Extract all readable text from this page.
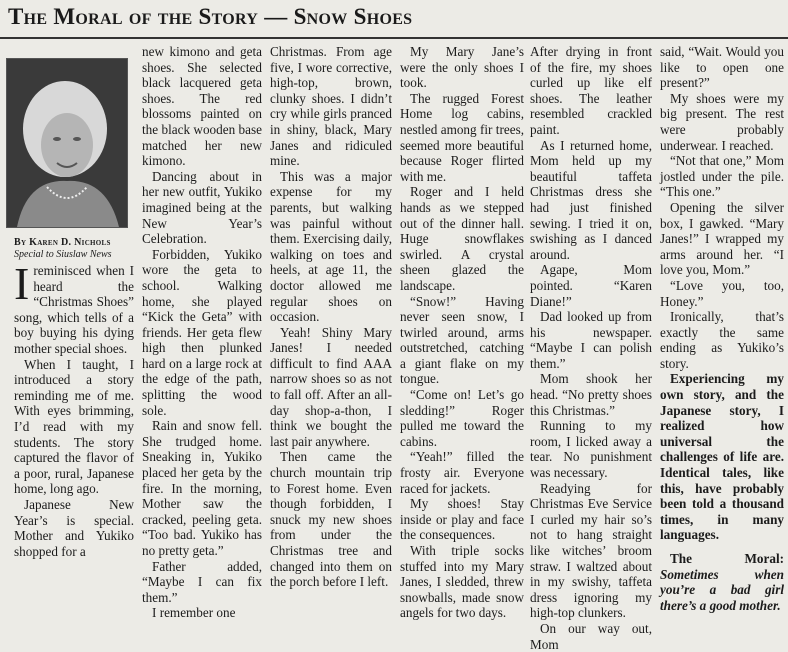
The Moral of the Story — Snow Shoes
By Karen D. Nichols
Special to Siuslaw News

Ireminisced when I heard the “Christmas Shoes” song, which tells of a boy buying his dying mother special shoes.

When I taught, I introduced a story reminding me of me. With eyes brimming, I’d read with my students. The story captured the flavor of a poor, rural, Japanese home, long ago.

Japanese New Year’s is special. Mother and Yukiko shopped for a

new kimono and geta shoes. She selected black lacquered geta shoes. The red blossoms painted on the black wooden base matched her new kimono.

Dancing about in her new outfit, Yukiko imagined being at the New Year’s Celebration.

Forbidden, Yukiko wore the geta to school. Walking home, she played “Kick the Geta” with friends. Her geta flew high then plunked hard on a large rock at the edge of the path, splitting the wood sole.

Rain and snow fell. She trudged home. Sneaking in, Yukiko placed her geta by the fire. In the morning, Mother saw the cracked, peeling geta. “Too bad. Yukiko has no pretty geta.”

Father added, “Maybe I can fix them.”

I remember one

Christmas. From age five, I wore corrective, high-top, brown, clunky shoes. I didn’t cry while girls pranced in shiny, black, Mary Janes and ridiculed mine.

This was a major expense for my parents, but walking was painful without them. Exercising daily, walking on toes and heels, at age 11, the doctor allowed me regular shoes on occasion.

Yeah! Shiny Mary Janes! I needed difficult to find AAA narrow shoes so as not to fall off. After an all-day shop-a-thon, I think we bought the last pair anywhere.

Then came the church mountain trip to Forest home. Even though forbidden, I snuck my new shoes from under the Christmas tree and changed into them on the porch before I left.

My Mary Jane’s were the only shoes I took.

The rugged Forest Home log cabins, nestled among fir trees, seemed more beautiful because Roger flirted with me.

Roger and I held hands as we stepped out of the dinner hall. Huge snowflakes swirled. A crystal sheen glazed the landscape.

“Snow!” Having never seen snow, I twirled around, arms outstretched, catching a giant flake on my tongue.

“Come on! Let’s go sledding!” Roger pulled me toward the cabins.

“Yeah!” filled the frosty air. Everyone raced for jackets.

My shoes! Stay inside or play and face the consequences.

With triple socks stuffed into my Mary Janes, I sledded, threw snowballs, made snow angels for two days.

After drying in front of the fire, my shoes curled up like elf shoes. The leather resembled crackled paint.

As I returned home, Mom held up my beautiful taffeta Christmas dress she had just finished sewing. I tried it on, swishing as I danced around.

Agape, Mom pointed. “Karen Diane!”

Dad looked up from his newspaper. “Maybe I can polish them.”

Mom shook her head. “No pretty shoes this Christmas.”

Running to my room, I licked away a tear. No punishment was necessary.

Readying for Christmas Eve Service I curled my hair so’s not to hang straight like witches’ broom straw. I waltzed about in my swishy, taffeta dress ignoring my high-top clunkers.

On our way out, Mom

said, “Wait. Would you like to open one present?”

My shoes were my big present. The rest were probably underwear. I reached.

“Not that one,” Mom jostled under the pile. “This one.”

Opening the silver box, I gawked. “Mary Janes!” I wrapped my arms around her. “I love you, Mom.”

“Love you, too, Honey.”

Ironically, that’s exactly the same ending as Yukiko’s story.

Experiencing my own story, and the Japanese story, I realized how universal the challenges of life are. Identical tales, like this, have probably been told a thousand times, in many languages.

The Moral: Sometimes when you’re a bad girl there’s a good mother.
